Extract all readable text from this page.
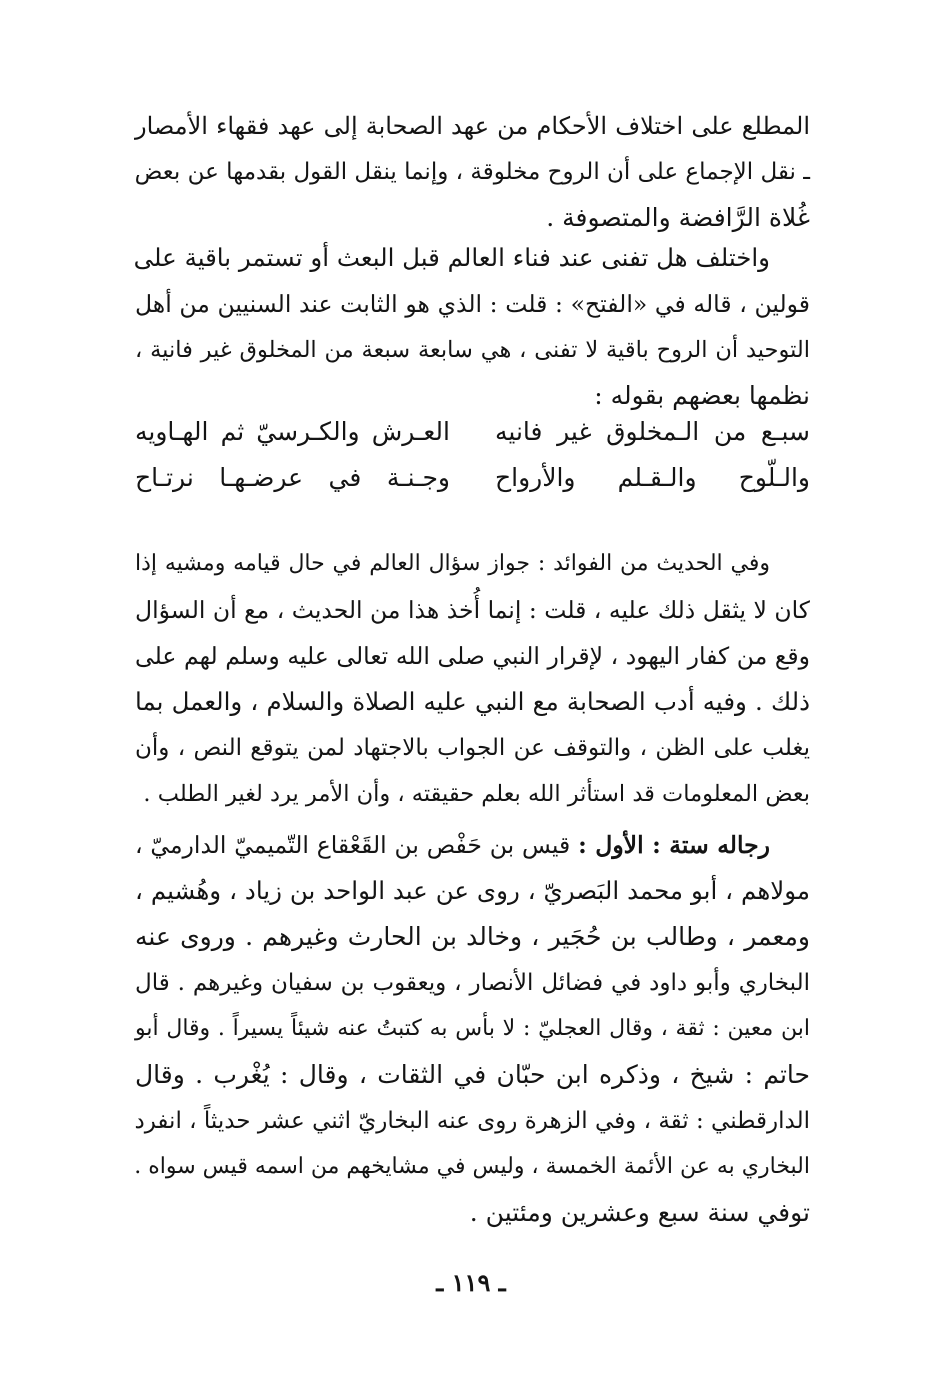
المطلع على اختلاف الأحكام من عهد الصحابة إلى عهد فقهاء الأمصار
ـ نقل الإجماع على أن الروح مخلوقة ، وإنما ينقل القول بقدمها عن بعض
غُلاة الرَّافضة والمتصوفة .
واختلف هل تفنى عند فناء العالم قبل البعث أو تستمر باقية على
قولين ، قاله في «الفتح» : قلت : الذي هو الثابت عند السنيين من أهل
التوحيد أن الروح باقية لا تفنى ، هي سابعة سبعة من المخلوق غير فانية ،
نظمها بعضهم بقوله :
سبـع من الـمخلوق غير فانيه
العـرش والكـرسيّ ثم الهـاويه
والـلّوح والـقـلم والأرواح
وجـنـة في عرضـهـا نرتـاح
وفي الحديث من الفوائد : جواز سؤال العالم في حال قيامه ومشيه إذا
كان لا يثقل ذلك عليه ، قلت : إنما أُخذ هذا من الحديث ، مع أن السؤال
وقع من كفار اليهود ، لإقرار النبي صلى الله تعالى عليه وسلم لهم على
ذلك . وفيه أدب الصحابة مع النبي عليه الصلاة والسلام ، والعمل بما
يغلب على الظن ، والتوقف عن الجواب بالاجتهاد لمن يتوقع النص ، وأن
بعض المعلومات قد استأثر الله بعلم حقيقته ، وأن الأمر يرد لغير الطلب .
رجاله ستة : الأول : قيس بن حَفْص بن القَعْقاع التّميميّ الدارميّ ،
مولاهم ، أبو محمد البَصريّ ، روى عن عبد الواحد بن زياد ، وهُشيم ،
ومعمر ، وطالب بن حُجَير ، وخالد بن الحارث وغيرهم . وروى عنه
البخاري وأبو داود في فضائل الأنصار ، ويعقوب بن سفيان وغيرهم . قال
ابن معين : ثقة ، وقال العجليّ : لا بأس به كتبتُ عنه شيئاً يسيراً . وقال أبو
حاتم : شيخ ، وذكره ابن حبّان في الثقات ، وقال : يُغْرب . وقال
الدارقطني : ثقة ، وفي الزهرة روى عنه البخاريّ اثني عشر حديثاً ، انفرد
البخاري به عن الأئمة الخمسة ، وليس في مشايخهم من اسمه قيس سواه .
توفي سنة سبع وعشرين ومئتين .
ـ ١١٩ ـ
